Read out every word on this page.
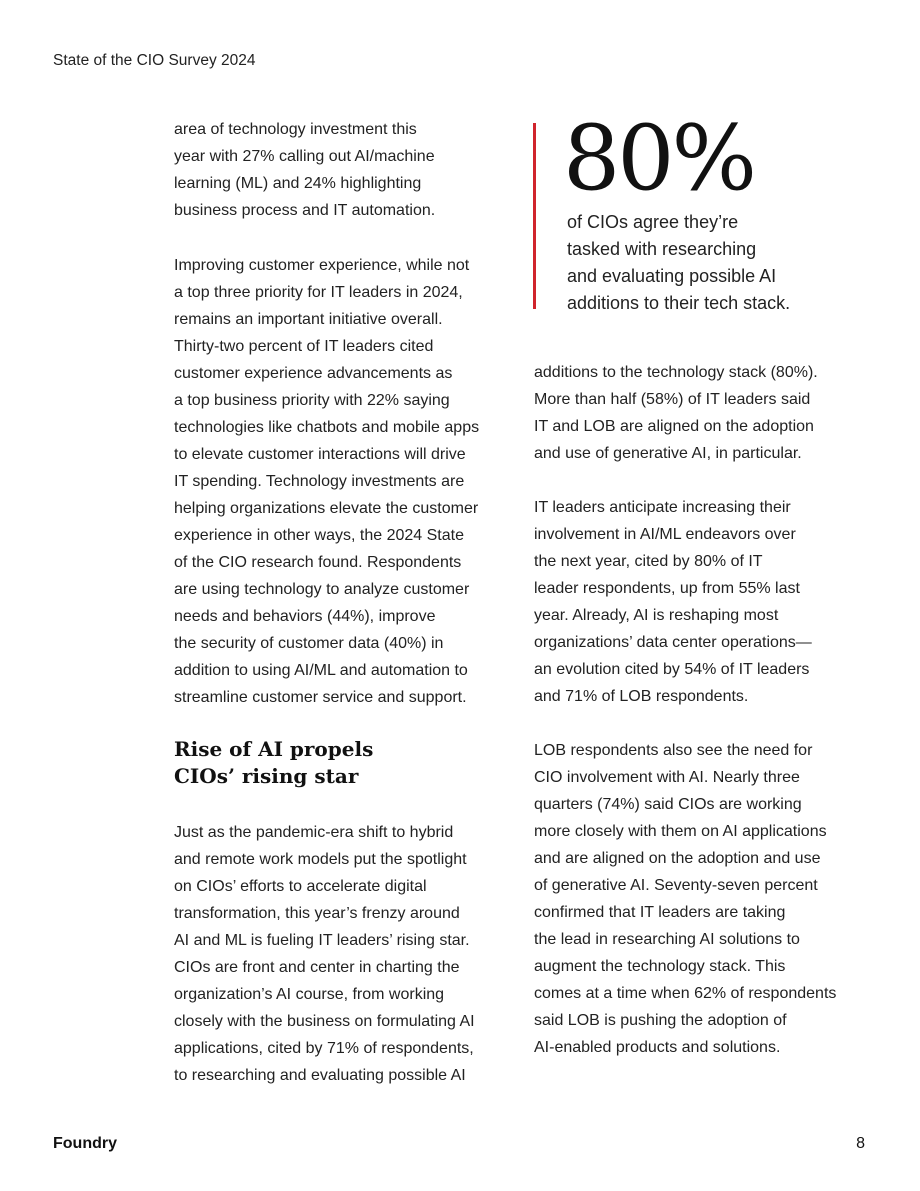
State of the CIO Survey 2024

area of technology investment this
year with 27% calling out AI/machine
learning (ML) and 24% highlighting
business process and IT automation.

Improving customer experience, while not
a top three priority for IT leaders in 2024,
remains an important initiative overall.
Thirty-two percent of IT leaders cited
customer experience advancements as
a top business priority with 22% saying
technologies like chatbots and mobile apps
to elevate customer interactions will drive
IT spending. Technology investments are
helping organizations elevate the customer
experience in other ways, the 2024 State
of the CIO research found. Respondents
are using technology to analyze customer
needs and behaviors (44%), improve
the security of customer data (40%) in
addition to using AI/ML and automation to
streamline customer service and support.

Rise of AI propels
CIOs’ rising star

Just as the pandemic-era shift to hybrid
and remote work models put the spotlight
on CIOs’ efforts to accelerate digital
transformation, this year’s frenzy around
AI and ML is fueling IT leaders’ rising star.
CIOs are front and center in charting the
organization’s AI course, from working
closely with the business on formulating AI
applications, cited by 71% of respondents,
to researching and evaluating possible AI

80%
of CIOs agree they’re
tasked with researching
and evaluating possible AI
additions to their tech stack.

additions to the technology stack (80%).
More than half (58%) of IT leaders said
IT and LOB are aligned on the adoption
and use of generative AI, in particular.

IT leaders anticipate increasing their
involvement in AI/ML endeavors over
the next year, cited by 80% of IT
leader respondents, up from 55% last
year. Already, AI is reshaping most
organizations’ data center operations—
an evolution cited by 54% of IT leaders
and 71% of LOB respondents.

LOB respondents also see the need for
CIO involvement with AI. Nearly three
quarters (74%) said CIOs are working
more closely with them on AI applications
and are aligned on the adoption and use
of generative AI. Seventy-seven percent
confirmed that IT leaders are taking
the lead in researching AI solutions to
augment the technology stack. This
comes at a time when 62% of respondents
said LOB is pushing the adoption of
AI-enabled products and solutions.

Foundry	8
